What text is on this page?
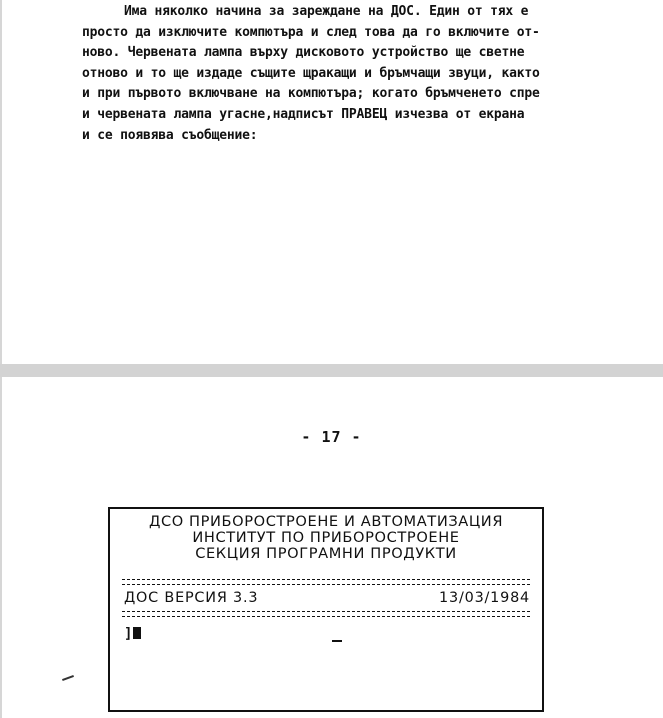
Има няколко начина за зареждане на ДОС. Един от тях е
просто да изключите компютъра и след това да го включите от-
ново. Червената лампа върху дисковото устройство ще светне
отново и то ще издаде същите щракащи и бръмчащи звуци, както
и при първото включване на компютъра; когато бръмченето спре
и червената лампа угасне,надписът ПРАВЕЦ изчезва от екрана
и се появява съобщение:
- 17 -
ДСО ПРИБОРОСТРОЕНЕ И АВТОМАТИЗАЦИЯ
ИНСТИТУТ ПО ПРИБОРОСТРОЕНЕ
СЕКЦИЯ ПРОГРАМНИ ПРОДУКТИ
ДОС ВЕРСИЯ 3.3	13/03/1984
]
